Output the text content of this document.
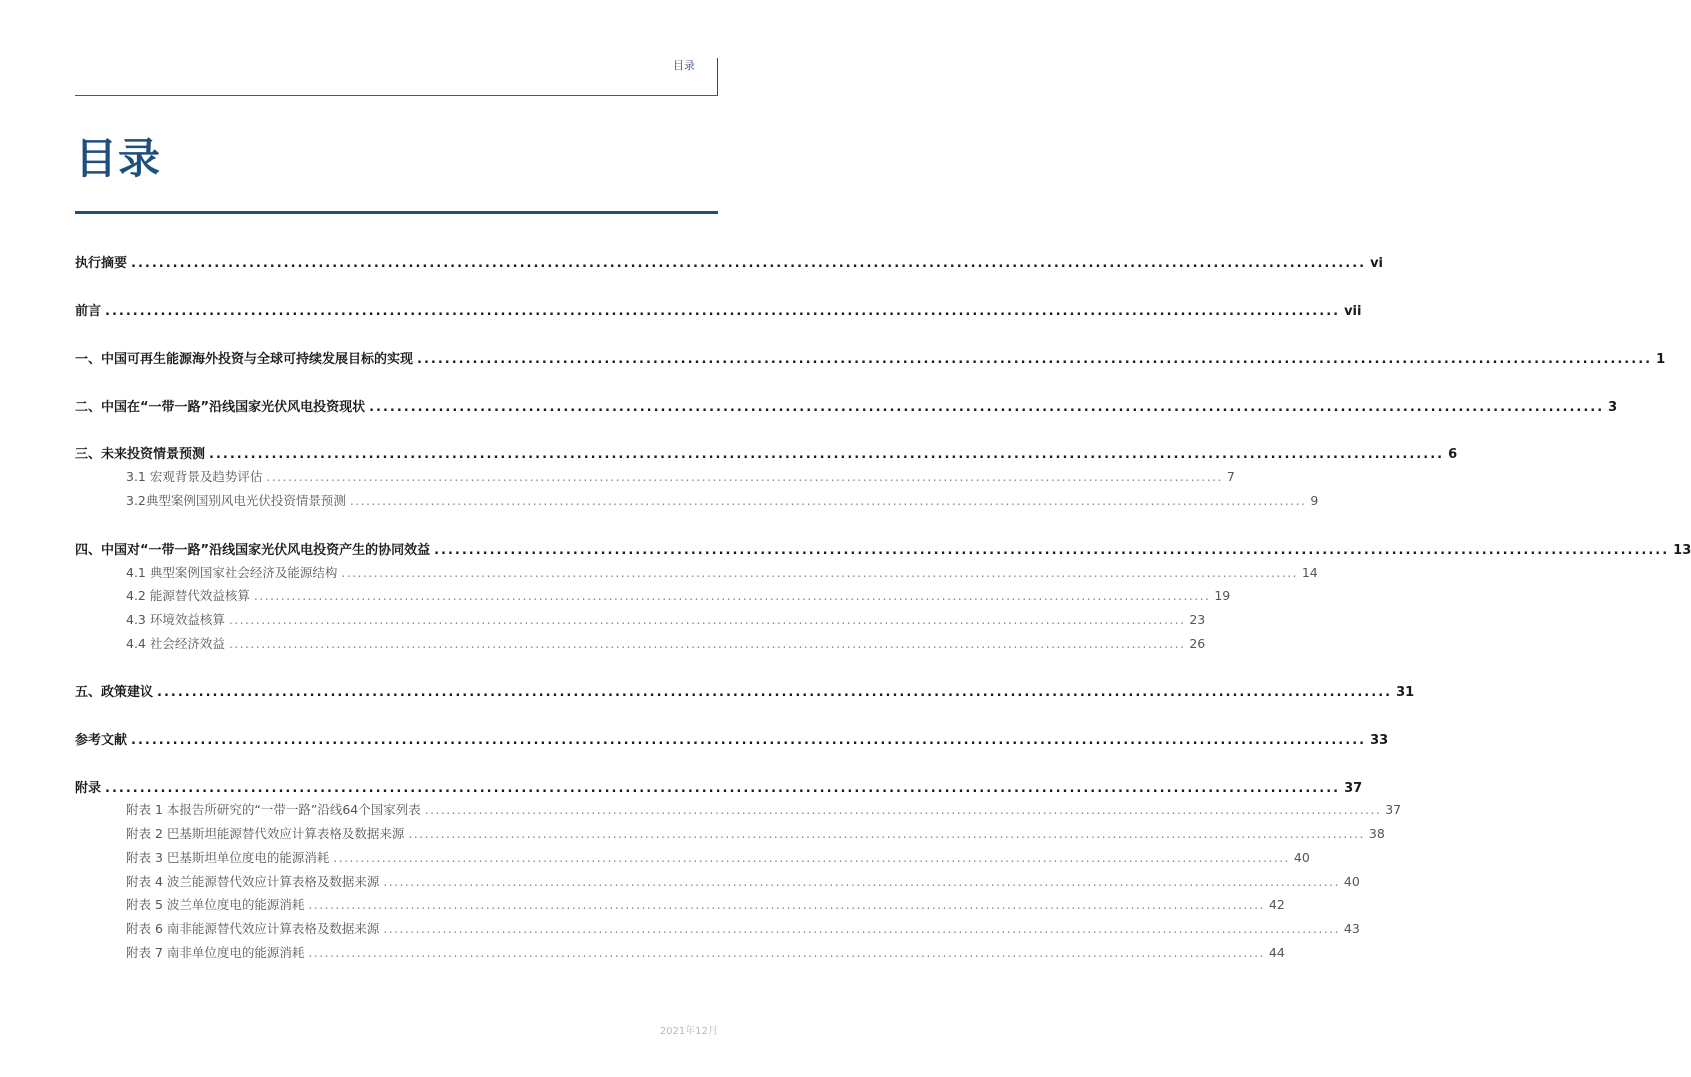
目录
目录
执行摘要 .................................................................................................................................................................................. vi
前言 .................................................................................................................................................................................. vii
一、中国可再生能源海外投资与全球可持续发展目标的实现 .................................................................................................................................................................................. 1
二、中国在“一带一路”沿线国家光伏风电投资现状 .................................................................................................................................................................................. 3
三、未来投资情景预测 .................................................................................................................................................................................. 6
3.1 宏观背景及趋势评估 .................................................................................................................................................................................. 7
3.2典型案例国别风电光伏投资情景预测 .................................................................................................................................................................................. 9
四、中国对“一带一路”沿线国家光伏风电投资产生的协同效益 .................................................................................................................................................................................. 13
4.1 典型案例国家社会经济及能源结构 .................................................................................................................................................................................. 14
4.2 能源替代效益核算 .................................................................................................................................................................................. 19
4.3 环境效益核算 .................................................................................................................................................................................. 23
4.4 社会经济效益 .................................................................................................................................................................................. 26
五、政策建议 .................................................................................................................................................................................. 31
参考文献 .................................................................................................................................................................................. 33
附录 .................................................................................................................................................................................. 37
附表 1 本报告所研究的“一带一路”沿线64个国家列表 .................................................................................................................................................................................. 37
附表 2 巴基斯坦能源替代效应计算表格及数据来源 .................................................................................................................................................................................. 38
附表 3 巴基斯坦单位度电的能源消耗 .................................................................................................................................................................................. 40
附表 4 波兰能源替代效应计算表格及数据来源 .................................................................................................................................................................................. 40
附表 5 波兰单位度电的能源消耗 .................................................................................................................................................................................. 42
附表 6 南非能源替代效应计算表格及数据来源 .................................................................................................................................................................................. 43
附表 7 南非单位度电的能源消耗 .................................................................................................................................................................................. 44
2021年12月
